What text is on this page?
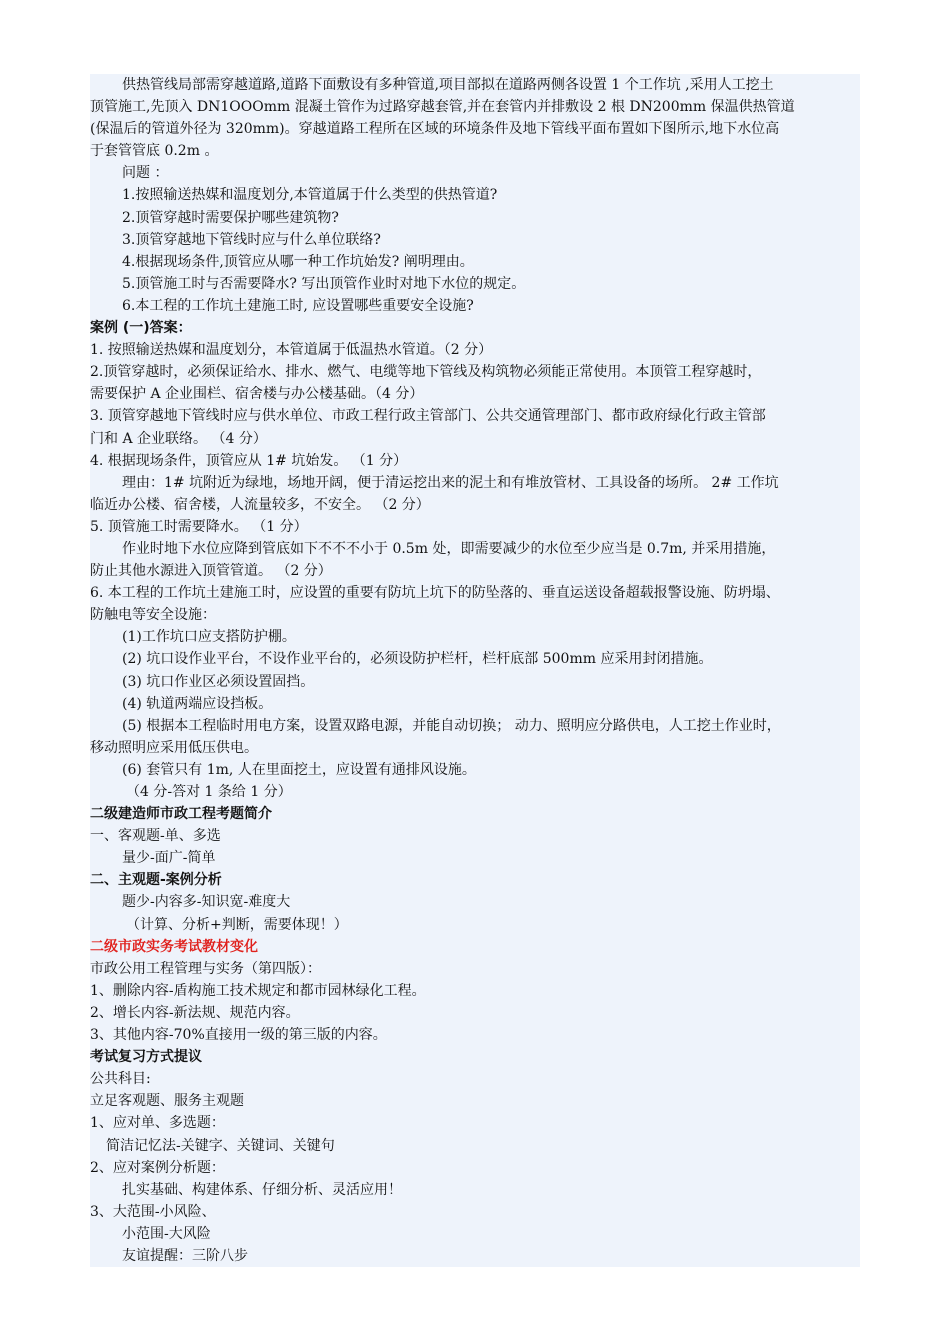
供热管线局部需穿越道路,道路下面敷设有多种管道,项目部拟在道路两侧各设置 1 个工作坑 ,采用人工挖土
顶管施工,先顶入 DN1OOOmm 混凝土管作为过路穿越套管,并在套管内并排敷设 2 根 DN200mm 保温供热管道
(保温后的管道外径为 320mm)。穿越道路工程所在区域的环境条件及地下管线平面布置如下图所示,地下水位高
于套管管底 0.2m 。
问题 ：
1.按照输送热媒和温度划分,本管道属于什么类型的供热管道?
2.顶管穿越时需要保护哪些建筑物?
3.顶管穿越地下管线时应与什么单位联络?
4.根据现场条件,顶管应从哪一种工作坑始发? 阐明理由。
5.顶管施工时与否需要降水? 写出顶管作业时对地下水位的规定。
6.本工程的工作坑土建施工时, 应设置哪些重要安全设施?
案例 (一)答案：
1. 按照输送热媒和温度划分，本管道属于低温热水管道。（2 分）
2.顶管穿越时，必须保证给水、排水、燃气、电缆等地下管线及构筑物必须能正常使用。本顶管工程穿越时，
需要保护 A 企业围栏、宿舍楼与办公楼基础。（4 分）
3. 顶管穿越地下管线时应与供水单位、市政工程行政主管部门、公共交通管理部门、都市政府绿化行政主管部
门和 A 企业联络。 （4 分）
4. 根据现场条件，顶管应从 1# 坑始发。 （1 分）
理由：1# 坑附近为绿地，场地开阔，便于清运挖出来的泥土和有堆放管材、工具设备的场所。 2# 工作坑
临近办公楼、宿舍楼，人流量较多，不安全。 （2 分）
5. 顶管施工时需要降水。 （1 分）
作业时地下水位应降到管底如下不不不小于 0.5m 处，即需要减少的水位至少应当是 0.7m, 并采用措施，
防止其他水源进入顶管管道。 （2 分）
6. 本工程的工作坑土建施工时，应设置的重要有防坑上坑下的防坠落的、垂直运送设备超载报警设施、防坍塌、
防触电等安全设施：
(1)工作坑口应支搭防护棚。
(2) 坑口设作业平台，不设作业平台的，必须设防护栏杆，栏杆底部 500mm 应采用封闭措施。
(3) 坑口作业区必须设置固挡。
(4) 轨道两端应设挡板。
(5) 根据本工程临时用电方案，设置双路电源，并能自动切换； 动力、照明应分路供电，人工挖土作业时，
移动照明应采用低压供电。
(6) 套管只有 1m, 人在里面挖土，应设置有通排风设施。
（4 分-答对 1 条给 1 分）
二级建造师市政工程考题简介
一、客观题-单、多选
量少-面广-简单
二、主观题-案例分析
题少-内容多-知识宽-难度大
（计算、分析+判断，需要体现！）
二级市政实务考试教材变化
市政公用工程管理与实务（第四版）：
1、删除内容-盾构施工技术规定和都市园林绿化工程。
2、增长内容-新法规、规范内容。
3、其他内容-70%直接用一级的第三版的内容。
考试复习方式提议
公共科目:
立足客观题、服务主观题
1、应对单、多选题：
简洁记忆法-关键字、关键词、关键句
2、应对案例分析题：
扎实基础、构建体系、仔细分析、灵活应用！
3、大范围-小风险、
小范围-大风险
友谊提醒：三阶八步
